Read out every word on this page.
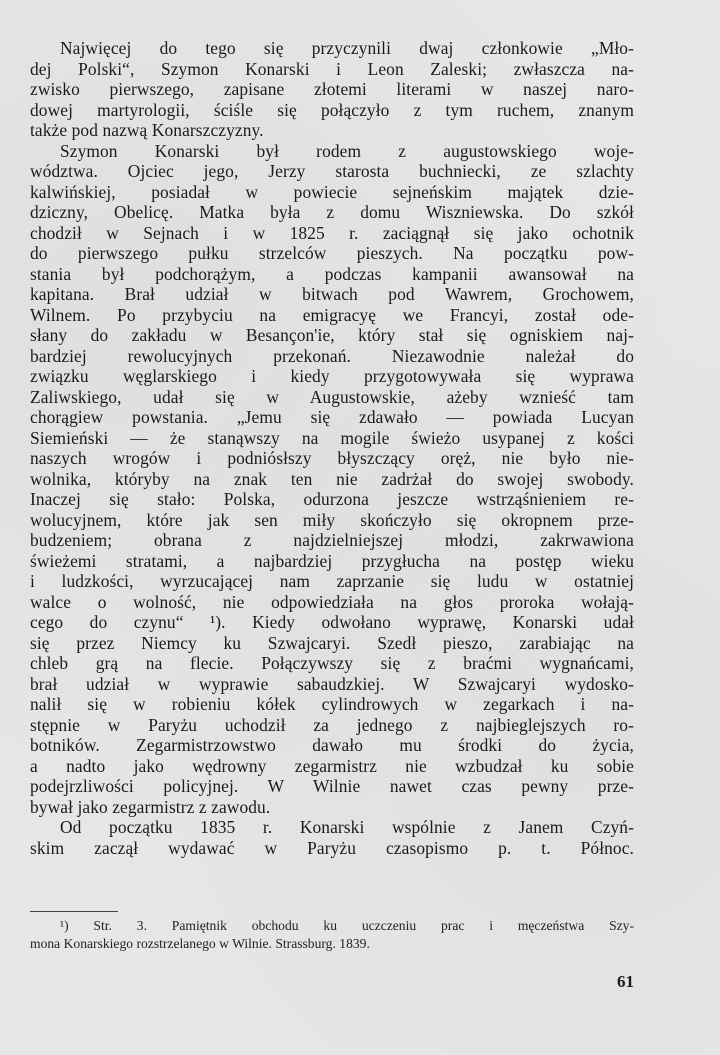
Najwięcej do tego się przyczynili dwaj członkowie „Mło-
dej Polski“, Szymon Konarski i Leon Zaleski; zwłaszcza na-
zwisko pierwszego, zapisane złotemi literami w naszej naro-
dowej martyrologii, ściśle się połączyło z tym ruchem, znanym
także pod nazwą Konarszczyzny.
Szymon Konarski był rodem z augustowskiego woje-
wództwa. Ojciec jego, Jerzy starosta buchniecki, ze szlachty
kalwińskiej, posiadał w powiecie sejneńskim majątek dzie-
dziczny, Obelicę. Matka była z domu Wiszniewska. Do szkół
chodził w Sejnach i w 1825 r. zaciągnął się jako ochotnik
do pierwszego pułku strzelców pieszych. Na początku pow-
stania był podchorążym, a podczas kampanii awansował na
kapitana. Brał udział w bitwach pod Wawrem, Grochowem,
Wilnem. Po przybyciu na emigracyę we Francyi, został ode-
słany do zakładu w Besançon'ie, który stał się ogniskiem naj-
bardziej rewolucyjnych przekonań. Niezawodnie należał do
związku węglarskiego i kiedy przygotowywała się wyprawa
Zaliwskiego, udał się w Augustowskie, ażeby wznieść tam
chorągiew powstania. „Jemu się zdawało — powiada Lucyan
Siemieński — że stanąwszy na mogile świeżo usypanej z kości
naszych wrogów i podniósłszy błyszczący oręż, nie było nie-
wolnika, któryby na znak ten nie zadrżał do swojej swobody.
Inaczej się stało: Polska, odurzona jeszcze wstrząśnieniem re-
wolucyjnem, które jak sen miły skończyło się okropnem prze-
budzeniem; obrana z najdzielniejszej młodzi, zakrwawiona
świeżemi stratami, a najbardziej przygłucha na postęp wieku
i ludzkości, wyrzucającej nam zaprzanie się ludu w ostatniej
walce o wolność, nie odpowiedziała na głos proroka wołają-
cego do czynu“ ¹). Kiedy odwołano wyprawę, Konarski udał
się przez Niemcy ku Szwajcaryi. Szedł pieszo, zarabiając na
chleb grą na flecie. Połączywszy się z braćmi wygnańcami,
brał udział w wyprawie sabaudzkiej. W Szwajcaryi wydosko-
nalił się w robieniu kółek cylindrowych w zegarkach i na-
stępnie w Paryżu uchodził za jednego z najbieglejszych ro-
botników. Zegarmistrzowstwo dawało mu środki do życia,
a nadto jako wędrowny zegarmistrz nie wzbudzał ku sobie
podejrzliwości policyjnej. W Wilnie nawet czas pewny prze-
bywał jako zegarmistrz z zawodu.
Od początku 1835 r. Konarski wspólnie z Janem Czyń-
skim zaczął wydawać w Paryżu czasopismo p. t. Północ.
¹) Str. 3. Pamiętnik obchodu ku uczczeniu prac i męczeństwa Szy-
mona Konarskiego rozstrzelanego w Wilnie. Strassburg. 1839.
61
